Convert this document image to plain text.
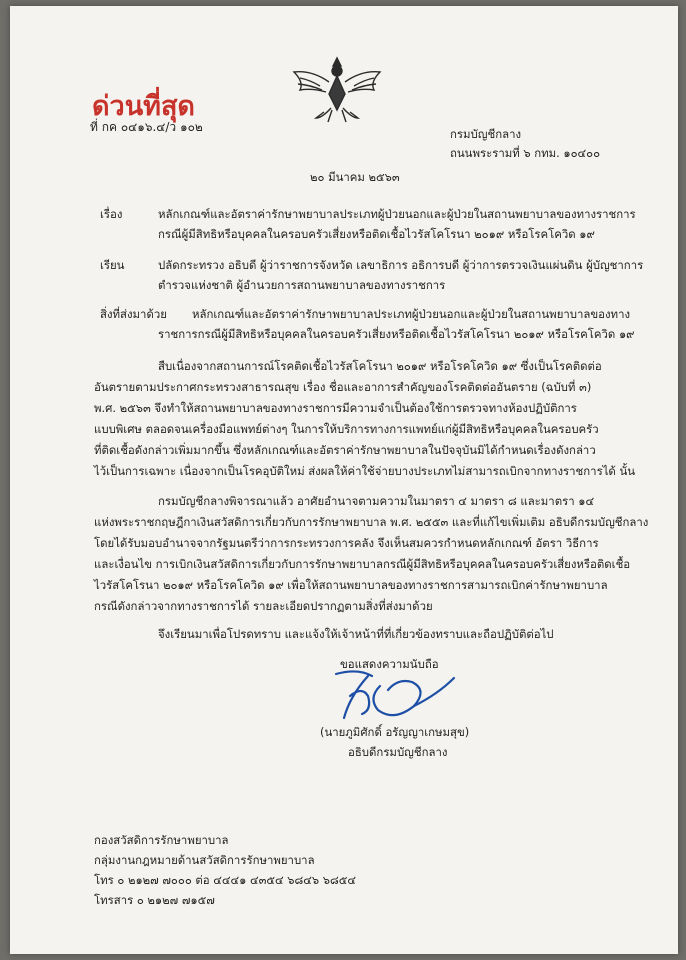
ด่วนที่สุด
ที่ กค ๐๔๑๖.๔/ว ๑๐๒	กรมบัญชีกลาง
ถนนพระรามที่ ๖ กทม. ๑๐๔๐๐
๒๐ มีนาคม ๒๕๖๓
เรื่อง	หลักเกณฑ์และอัตราค่ารักษาพยาบาลประเภทผู้ป่วยนอกและผู้ป่วยในสถานพยาบาลของทางราชการ
กรณีผู้มีสิทธิหรือบุคคลในครอบครัวเสี่ยงหรือติดเชื้อไวรัสโคโรนา ๒๐๑๙ หรือโรคโควิด ๑๙
เรียน	ปลัดกระทรวง อธิบดี ผู้ว่าราชการจังหวัด เลขาธิการ อธิการบดี ผู้ว่าการตรวจเงินแผ่นดิน ผู้บัญชาการ
ตำรวจแห่งชาติ ผู้อำนวยการสถานพยาบาลของทางราชการ
สิ่งที่ส่งมาด้วย หลักเกณฑ์และอัตราค่ารักษาพยาบาลประเภทผู้ป่วยนอกและผู้ป่วยในสถานพยาบาลของทาง
ราชการกรณีผู้มีสิทธิหรือบุคคลในครอบครัวเสี่ยงหรือติดเชื้อไวรัสโคโรนา ๒๐๑๙ หรือโรคโควิด ๑๙
สืบเนื่องจากสถานการณ์โรคติดเชื้อไวรัสโคโรนา ๒๐๑๙ หรือโรคโควิด ๑๙ ซึ่งเป็นโรคติดต่อ
อันตรายตามประกาศกระทรวงสาธารณสุข เรื่อง ชื่อและอาการสำคัญของโรคติดต่ออันตราย (ฉบับที่ ๓)
พ.ศ. ๒๕๖๓ จึงทำให้สถานพยาบาลของทางราชการมีความจำเป็นต้องใช้การตรวจทางห้องปฏิบัติการ
แบบพิเศษ ตลอดจนเครื่องมือแพทย์ต่างๆ ในการให้บริการทางการแพทย์แก่ผู้มีสิทธิหรือบุคคลในครอบครัว
ที่ติดเชื้อดังกล่าวเพิ่มมากขึ้น ซึ่งหลักเกณฑ์และอัตราค่ารักษาพยาบาลในปัจจุบันมิได้กำหนดเรื่องดังกล่าว
ไว้เป็นการเฉพาะ เนื่องจากเป็นโรคอุบัติใหม่ ส่งผลให้ค่าใช้จ่ายบางประเภทไม่สามารถเบิกจากทางราชการได้ นั้น
กรมบัญชีกลางพิจารณาแล้ว อาศัยอำนาจตามความในมาตรา ๔ มาตรา ๘ และมาตรา ๑๔
แห่งพระราชกฤษฎีกาเงินสวัสดิการเกี่ยวกับการรักษาพยาบาล พ.ศ. ๒๕๕๓ และที่แก้ไขเพิ่มเติม อธิบดีกรมบัญชีกลาง
โดยได้รับมอบอำนาจจากรัฐมนตรีว่าการกระทรวงการคลัง จึงเห็นสมควรกำหนดหลักเกณฑ์ อัตรา วิธีการ
และเงื่อนไข การเบิกเงินสวัสดิการเกี่ยวกับการรักษาพยาบาลกรณีผู้มีสิทธิหรือบุคคลในครอบครัวเสี่ยงหรือติดเชื้อ
ไวรัสโคโรนา ๒๐๑๙ หรือโรคโควิด ๑๙ เพื่อให้สถานพยาบาลของทางราชการสามารถเบิกค่ารักษาพยาบาล
กรณีดังกล่าวจากทางราชการได้ รายละเอียดปรากฏตามสิ่งที่ส่งมาด้วย
จึงเรียนมาเพื่อโปรดทราบ และแจ้งให้เจ้าหน้าที่ที่เกี่ยวข้องทราบและถือปฏิบัติต่อไป
ขอแสดงความนับถือ
(นายภูมิศักดิ์ อรัญญาเกษมสุข)
อธิบดีกรมบัญชีกลาง
กองสวัสดิการรักษาพยาบาล
กลุ่มงานกฎหมายด้านสวัสดิการรักษาพยาบาล
โทร ๐ ๒๑๒๗ ๗๐๐๐ ต่อ ๔๔๔๑ ๔๓๕๔ ๖๘๔๖ ๖๘๕๔
โทรสาร ๐ ๒๑๒๗ ๗๑๕๗
